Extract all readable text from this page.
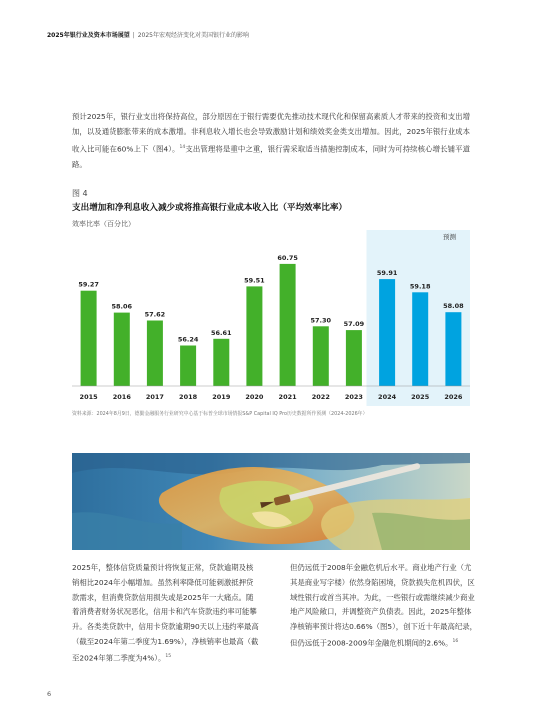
2025年银行业及资本市场展望 | 2025年宏观经济变化对美国银行业的影响

预计2025年，银行业支出将保持高位，部分原因在于银行需要优先推动技术现代化和保留高素质人才带来的投资和支出增加，以及通货膨胀带来的成本激增。非利息收入增长也会导致激励计划和绩效奖金类支出增加。因此，2025年银行业成本收入比可能在60%上下（图4）。$^{14}$支出管理将是重中之重，银行需采取适当措施控制成本，同时为可持续核心增长铺平道路。

图 4
支出增加和净利息收入减少或将推高银行业成本收入比（平均效率比率）
效率比率（百分比）
预测
59.27
2015
58.06
2016
57.62
2017
56.24
2018
56.61
2019
59.51
2020
60.75
2021
57.30
2022
57.09
2023
59.91
2024
59.18
2025
58.08
2026
资料来源：2024年8月9日，德勤金融服务行业研究中心基于标普全球市场情报S&P Capital IQ Pro历史数据所作预测（2024-2026年）

2025年，整体信贷质量预计将恢复正常，贷款逾期及核销相比2024年小幅增加。虽然利率降低可能刺激抵押贷款需求，但消费贷款信用损失或是2025年一大痛点。随着消费者财务状况恶化，信用卡和汽车贷款违约率可能攀升。各类类贷款中，信用卡贷款逾期90天以上违约率最高（截至2024年第二季度为1.69%），净核销率也最高（截至2024年第二季度为4%）。$^{15}$

但仍远低于2008年金融危机后水平。商业地产行业（尤其是商业写字楼）依然身陷困境，贷款损失危机四伏，区域性银行或首当其冲。为此，一些银行或需继续减少商业地产风险敞口，并调整资产负债表。因此，2025年整体净核销率预计将达0.66%（图5），创下近十年最高纪录，但仍远低于2008-2009年金融危机期间的2.6%。$^{16}$

6
